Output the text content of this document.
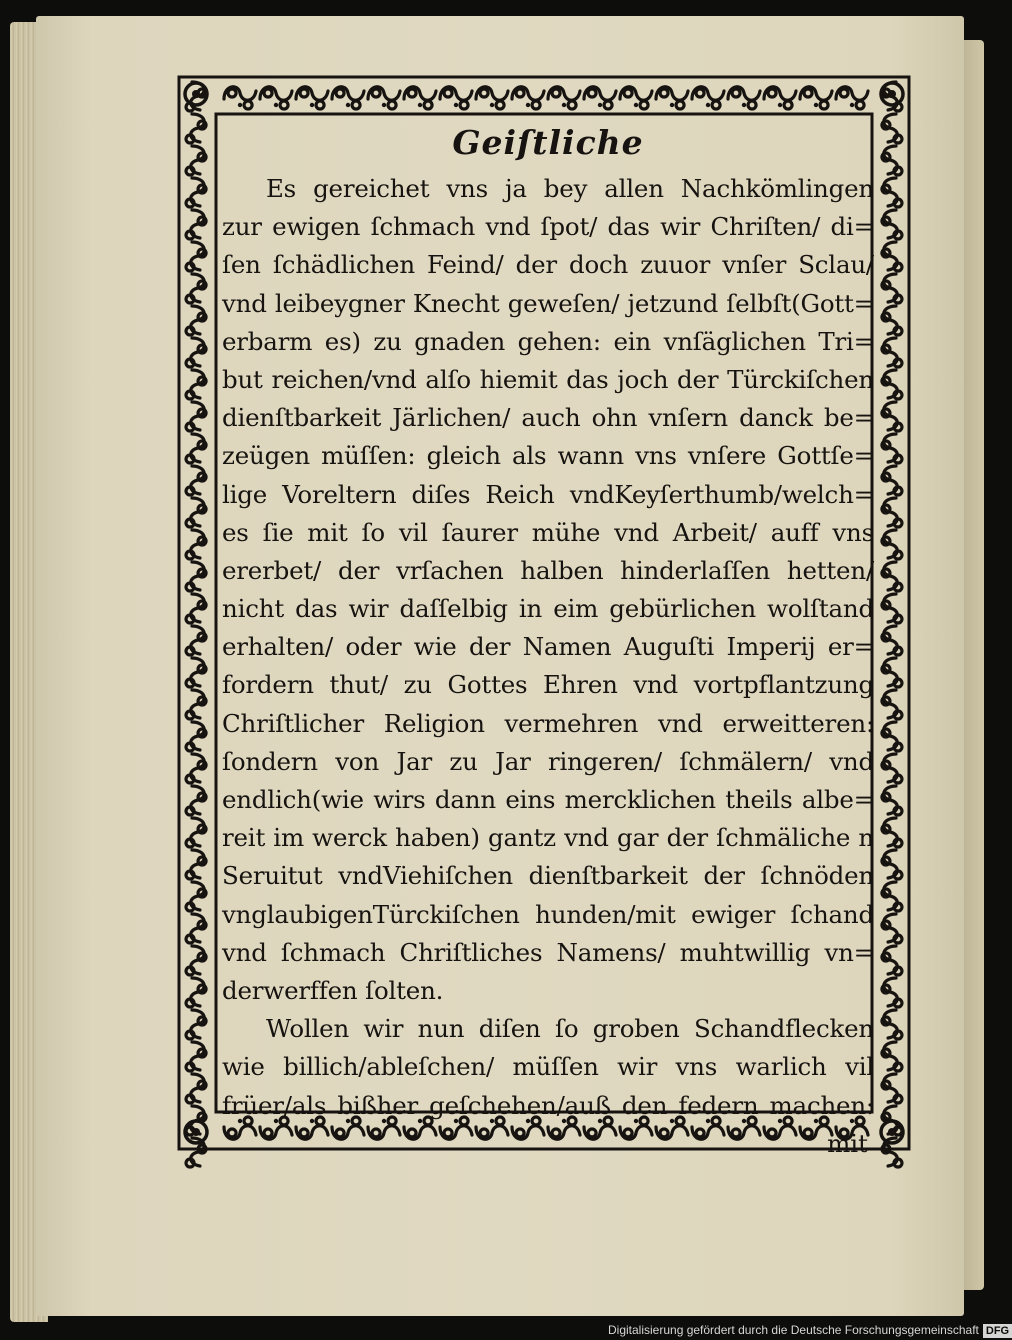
Geiſtliche
Es gereichet vns ja bey allen Nachkömlingen
zur ewigen ſchmach vnd ſpot/ das wir Chriſten/ di=
ſen ſchädlichen Feind/ der doch zuuor vnſer Sclau/
vnd leibeygner Knecht geweſen/ jetzund ſelbſt(Gott=
erbarm es) zu gnaden gehen: ein vnſäglichen Tri=
but reichen/vnd alſo hiemit das joch der Türckiſchen
dienſtbarkeit Järlichen/ auch ohn vnſern danck be=
zeügen müſſen: gleich als wann vns vnſere Gottſe=
lige Voreltern diſes Reich vndKeyſerthumb/welch=
es ſie mit ſo vil ſaurer mühe vnd Arbeit/ auff vns
ererbet/ der vrſachen halben hinderlaſſen hetten/
nicht das wir daſſelbig in eim gebürlichen wolſtand
erhalten/ oder wie der Namen Auguſti Imperij er=
fordern thut/ zu Gottes Ehren vnd vortpflantzung
Chriſtlicher Religion vermehren vnd erweitteren:
ſondern von Jar zu Jar ringeren/ ſchmälern/ vnd
endlich(wie wirs dann eins mercklichen theils albe=
reit im werck haben) gantz vnd gar der ſchmäliche n
Seruitut vndViehiſchen dienſtbarkeit der ſchnöden
vnglaubigenTürckiſchen hunden/mit ewiger ſchand
vnd ſchmach Chriſtliches Namens/ muhtwillig vn=
derwerffen ſolten.
Wollen wir nun diſen ſo groben Schandflecken
wie billich/ableſchen/ müſſen wir vns warlich vil
früer/als bißher geſchehen/auß den federn machen:
mit
Digitalisierung gefördert durch die Deutsche Forschungsgemeinschaft DFG
